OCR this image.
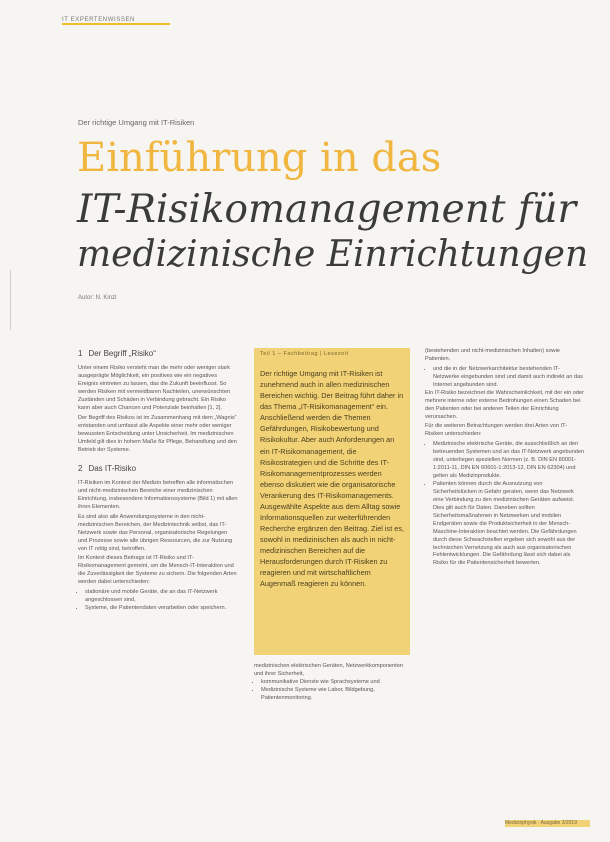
IT EXPERTENWISSEN
Der richtige Umgang mit IT-Risiken
Einführung in das
IT-Risikomanagement für
medizinische Einrichtungen
Autor: N. Kinzl
1 Der Begriff „Risiko“

Unter einem Risiko versteht man die mehr oder weniger stark ausgeprägte Möglichkeit, ein positives wie ein negatives Ereignis eintreten zu lassen, das die Zukunft beeinflusst. So werden Risiken mit vermeidbaren Nachteilen, unerwünschten Zuständen und Schäden in Verbindung gebracht. Ein Risiko kann aber auch Chancen und Potenziale beinhalten [1, 2].

Der Begriff des Risikos ist im Zusammenhang mit dem „Wagnis“ entstanden und umfasst alle Aspekte einer mehr oder weniger bewussten Entscheidung unter Unsicherheit. Im medizinischen Umfeld gilt dies in hohem Maße für Pflege, Behandlung und den Betrieb der Systeme.

2 Das IT-Risiko

IT-Risiken im Kontext der Medizin betreffen alle informatischen und nicht-medizinischen Bereiche einer medizinischen Einrichtung, insbesondere Informationssysteme (Bild 1) mit allen ihren Elementen.

Es sind also alle Anwendungssysteme in den nicht-medizinischen Bereichen, der Medizintechnik selbst, das IT-Netzwerk sowie das Personal, organisatorische Regelungen und Prozesse sowie alle übrigen Ressourcen, die zur Nutzung von IT nötig sind, betroffen.

Im Kontext dieses Beitrags ist IT-Risiko und IT-Risikomanagement gemeint, um die Mensch-IT-Interaktion und die Zuverlässigkeit der Systeme zu sichern. Die folgenden Arten werden dabei unterschieden:

• stationäre und mobile Geräte, die an das IT-Netzwerk angeschlossen sind,
• Systeme, die Patientendaten verarbeiten oder speichern.
Teil 1 – Fachbeitrag | Lesezeit
Der richtige Umgang mit IT-Risiken ist zunehmend auch in allen medizinischen Bereichen wichtig. Der Beitrag führt daher in das Thema „IT-Risikomanagement“ ein. Anschließend werden die Themen Gefährdungen, Risikobewertung und Risikokultur. Aber auch Anforderungen an ein IT-Risikomanagement, die Risikostrategien und die Schritte des IT-Risikomanagementprozesses werden ebenso diskutiert wie die organisatorische Verankerung des IT-Risikomanagements. Ausgewählte Aspekte aus dem Alltag sowie Informationsquellen zur weiterführenden Recherche ergänzen den Beitrag. Ziel ist es, sowohl in medizinischen als auch in nicht-medizinischen Bereichen auf die Herausforderungen durch IT-Risiken zu reagieren und mit wirtschaftlichem Augenmaß reagieren zu können.

medizinischen elektrischen Geräten, Netzwerkkomponenten und ihrer Sicherheit,

• kommunikative Dienste wie Sprachsysteme und
• Medizinische Systeme wie Labor, Bildgebung, Patientenmonitoring.

(bestehenden und nicht-medizinischen Inhalten) sowie Patienten.

• und die in der Netzwerkarchitektur bestehenden IT-Netzwerke eingebunden sind und damit auch indirekt an das Internet angebunden sind.

Ein IT-Risiko bezeichnet die Wahrscheinlichkeit, mit der ein oder mehrere interne oder externe Bedrohungen einen Schaden bei den Patienten oder bei anderen Teilen der Einrichtung verursachen.

Für die weiteren Betrachtungen werden drei Arten von IT-Risiken unterschieden:

• Medizinische elektrische Geräte, die ausschließlich an den betreuenden Systemen und an das IT-Netzwerk angebunden sind, unterliegen speziellen Normen (z. B. DIN EN 80001-1:2011-11, DIN EN 60601-1:2013-12, DIN EN 62304) und gelten als Medizinprodukte.
• Patienten können durch die Ausnutzung von Sicherheitslücken in Gefahr geraten, wenn das Netzwerk eine Verbindung zu den medizinischen Geräten aufweist. Dies gilt auch für Daten. Daneben sollten Sicherheitsmaßnahmen in Netzwerken und mobilen Endgeräten sowie die Produktsicherheit in der Mensch-Maschine-Interaktion beachtet werden. Die Gefährdungen durch diese Schwachstellen ergeben sich sowohl aus der technischen Vernetzung als auch aus organisatorischen Fehlentwicklungen. Die Gefährdung lässt sich dabei als Risiko für die Patientensicherheit bewerten.
Medizinphysik · Ausgabe 3/2019
